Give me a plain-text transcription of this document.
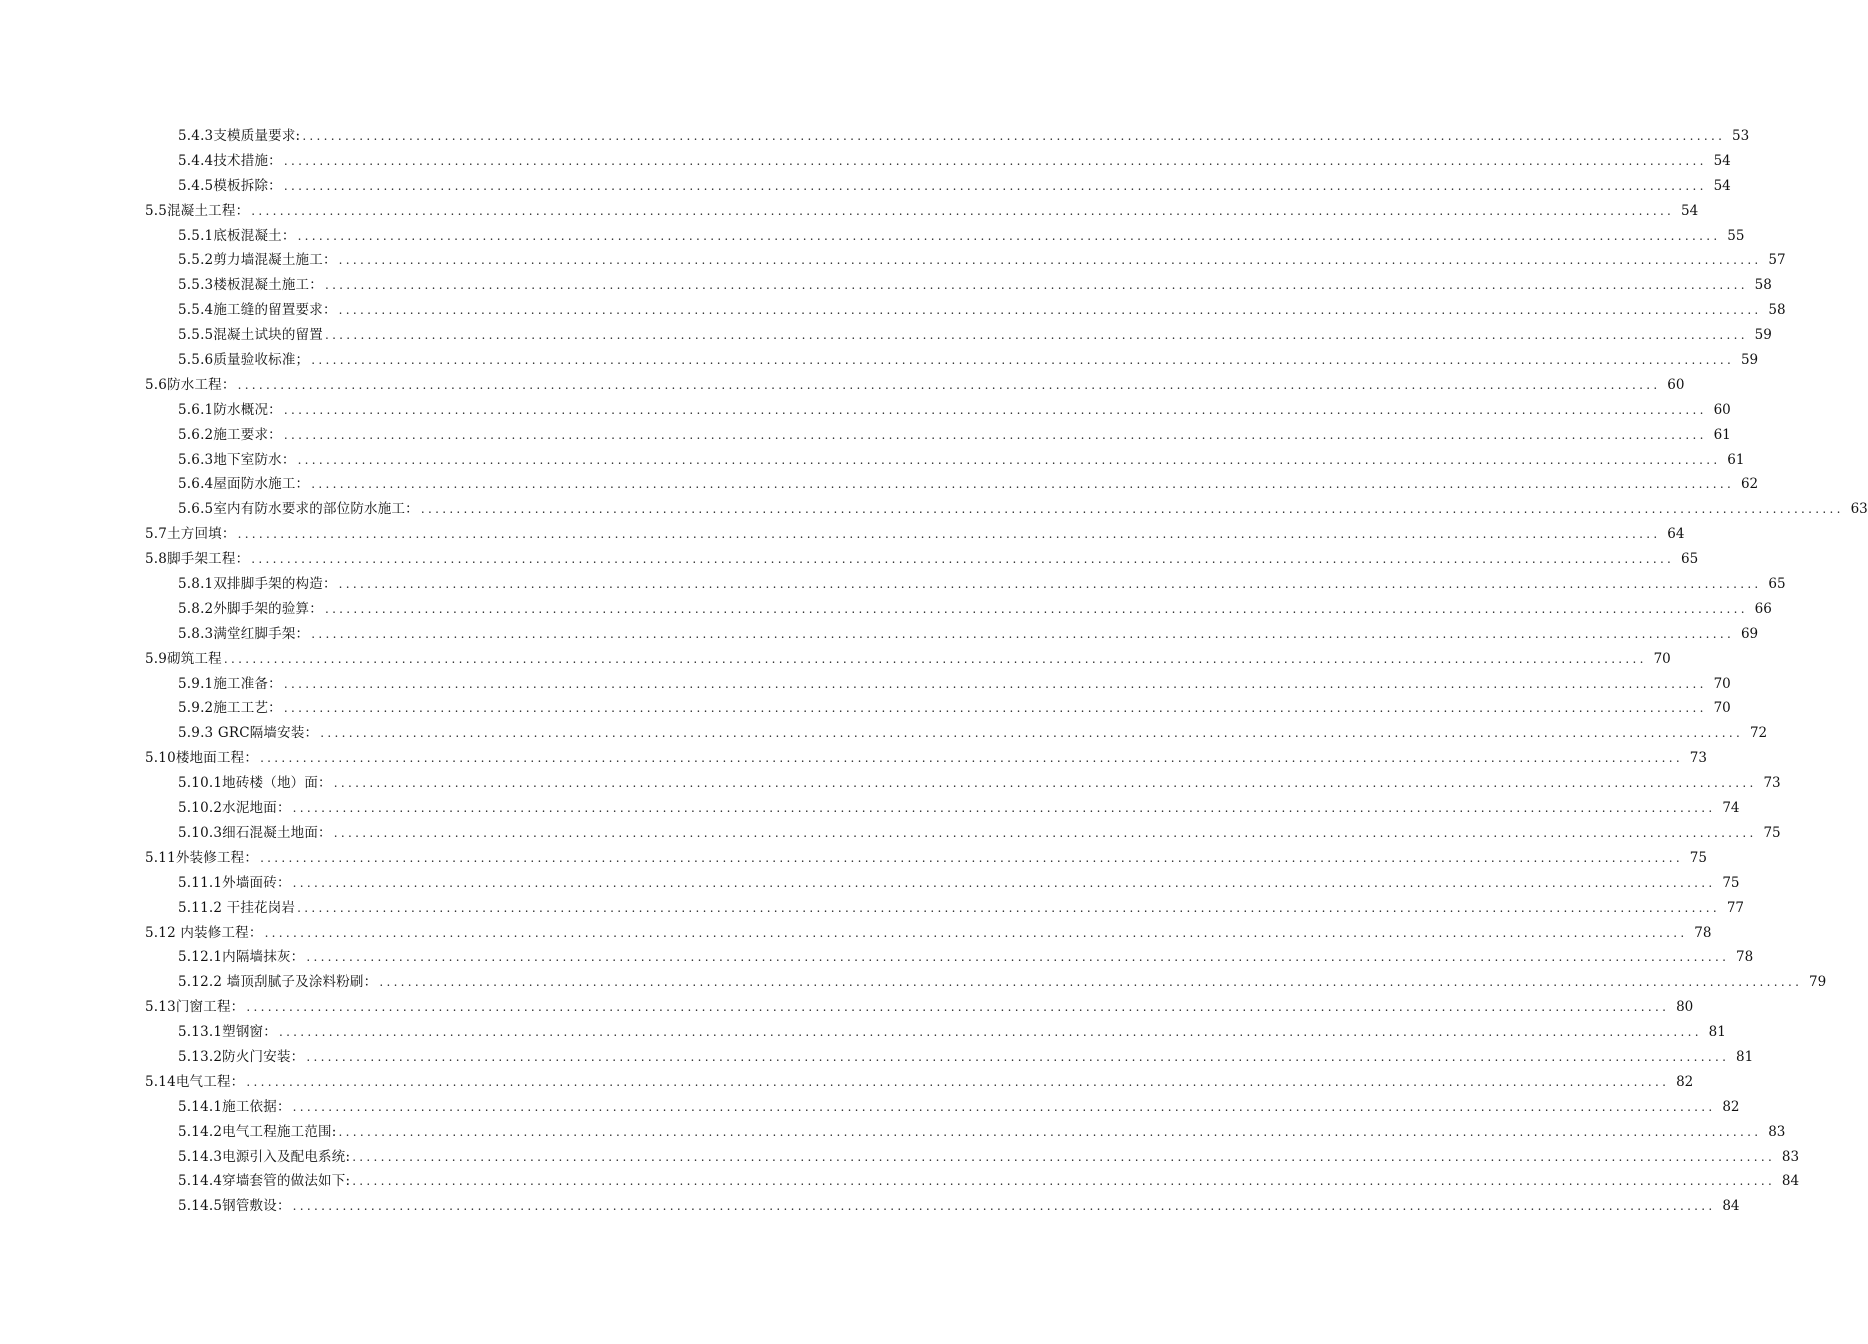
5.4.3支模质量要求: ........................................................................................................................................................................................................ 53
5.4.4技术措施： ........................................................................................................................................................................................................ 54
5.4.5模板拆除： ........................................................................................................................................................................................................ 54
5.5混凝土工程： ........................................................................................................................................................................................................ 54
5.5.1底板混凝土： ........................................................................................................................................................................................................ 55
5.5.2剪力墙混凝土施工： ........................................................................................................................................................................................................ 57
5.5.3楼板混凝土施工： ........................................................................................................................................................................................................ 58
5.5.4施工缝的留置要求： ........................................................................................................................................................................................................ 58
5.5.5混凝土试块的留置 ........................................................................................................................................................................................................ 59
5.5.6质量验收标准； ........................................................................................................................................................................................................ 59
5.6防水工程： ........................................................................................................................................................................................................ 60
5.6.1防水概况： ........................................................................................................................................................................................................ 60
5.6.2施工要求： ........................................................................................................................................................................................................ 61
5.6.3地下室防水： ........................................................................................................................................................................................................ 61
5.6.4屋面防水施工： ........................................................................................................................................................................................................ 62
5.6.5室内有防水要求的部位防水施工： ........................................................................................................................................................................................................ 63
5.7土方回填： ........................................................................................................................................................................................................ 64
5.8脚手架工程： ........................................................................................................................................................................................................ 65
5.8.1双排脚手架的构造： ........................................................................................................................................................................................................ 65
5.8.2外脚手架的验算： ........................................................................................................................................................................................................ 66
5.8.3满堂红脚手架： ........................................................................................................................................................................................................ 69
5.9砌筑工程 ........................................................................................................................................................................................................ 70
5.9.1施工准备： ........................................................................................................................................................................................................ 70
5.9.2施工工艺： ........................................................................................................................................................................................................ 70
5.9.3 GRC隔墙安装： ........................................................................................................................................................................................................ 72
5.10楼地面工程： ........................................................................................................................................................................................................ 73
5.10.1地砖楼（地）面： ........................................................................................................................................................................................................ 73
5.10.2水泥地面： ........................................................................................................................................................................................................ 74
5.10.3细石混凝土地面： ........................................................................................................................................................................................................ 75
5.11外装修工程： ........................................................................................................................................................................................................ 75
5.11.1外墙面砖： ........................................................................................................................................................................................................ 75
5.11.2 干挂花岗岩 ........................................................................................................................................................................................................ 77
5.12 内装修工程： ........................................................................................................................................................................................................ 78
5.12.1内隔墙抹灰： ........................................................................................................................................................................................................ 78
5.12.2 墙顶刮腻子及涂料粉刷： ........................................................................................................................................................................................................ 79
5.13门窗工程： ........................................................................................................................................................................................................ 80
5.13.1塑钢窗： ........................................................................................................................................................................................................ 81
5.13.2防火门安装： ........................................................................................................................................................................................................ 81
5.14电气工程： ........................................................................................................................................................................................................ 82
5.14.1施工依据： ........................................................................................................................................................................................................ 82
5.14.2电气工程施工范围: ........................................................................................................................................................................................................ 83
5.14.3电源引入及配电系统: ........................................................................................................................................................................................................ 83
5.14.4穿墙套管的做法如下: ........................................................................................................................................................................................................ 84
5.14.5钢管敷设： ........................................................................................................................................................................................................ 84
